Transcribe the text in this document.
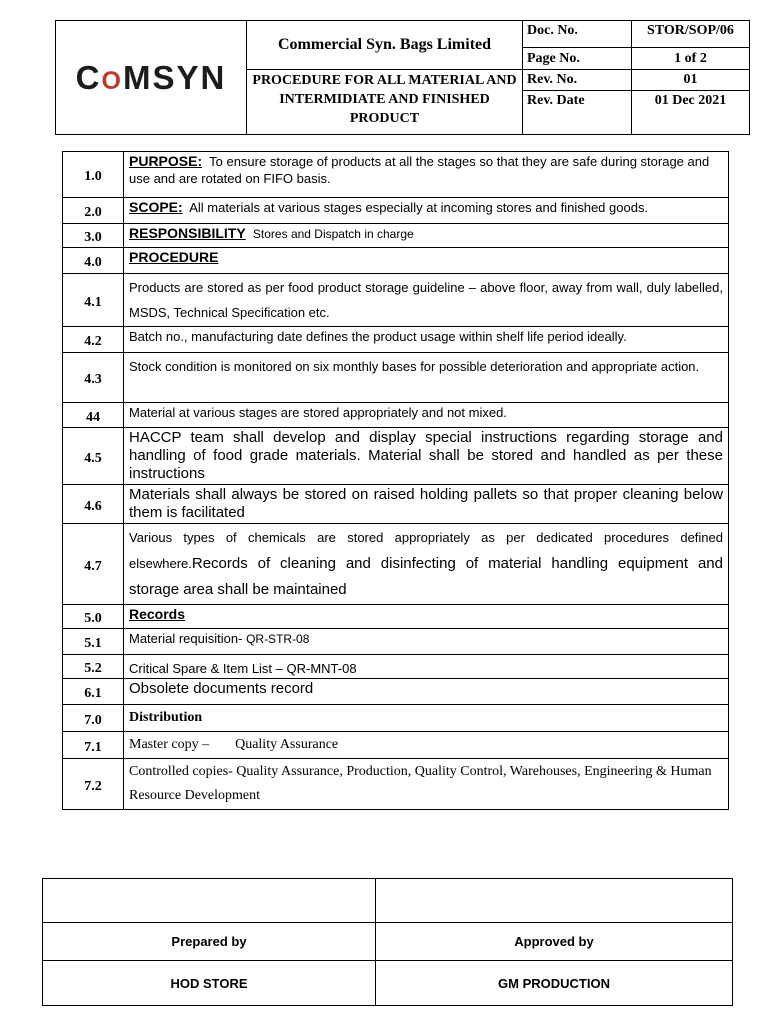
COMSYN	Commercial Syn. Bags Limited	Doc. No.	STOR/SOP/06
		Page No.	1 of 2
	PROCEDURE FOR ALL MATERIAL AND INTERMIDIATE AND FINISHED PRODUCT	Rev. No.	01
		Rev. Date	01 Dec 2021
1.0	PURPOSE: To ensure storage of products at all the stages so that they are safe during storage and use and are rotated on FIFO basis.
2.0	SCOPE: All materials at various stages especially at incoming stores and finished goods.
3.0	RESPONSIBILITY Stores and Dispatch in charge
4.0	PROCEDURE
4.1	Products are stored as per food product storage guideline – above floor, away from wall, duly labelled, MSDS, Technical Specification etc.
4.2	Batch no., manufacturing date defines the product usage within shelf life period ideally.
4.3	Stock condition is monitored on six monthly bases for possible deterioration and appropriate action.
44	Material at various stages are stored appropriately and not mixed.
4.5	HACCP team shall develop and display special instructions regarding storage and handling of food grade materials. Material shall be stored and handled as per these instructions
4.6	Materials shall always be stored on raised holding pallets so that proper cleaning below them is facilitated
4.7	Various types of chemicals are stored appropriately as per dedicated procedures defined elsewhere.Records of cleaning and disinfecting of material handling equipment and storage area shall be maintained
5.0	Records
5.1	Material requisition- QR-STR-08
5.2	Critical Spare & Item List – QR-MNT-08
6.1	Obsolete documents record
7.0	Distribution
7.1	Master copy – Quality Assurance
7.2	Controlled copies- Quality Assurance, Production, Quality Control, Warehouses, Engineering & Human Resource Development

Prepared by	Approved by
HOD STORE	GM PRODUCTION
